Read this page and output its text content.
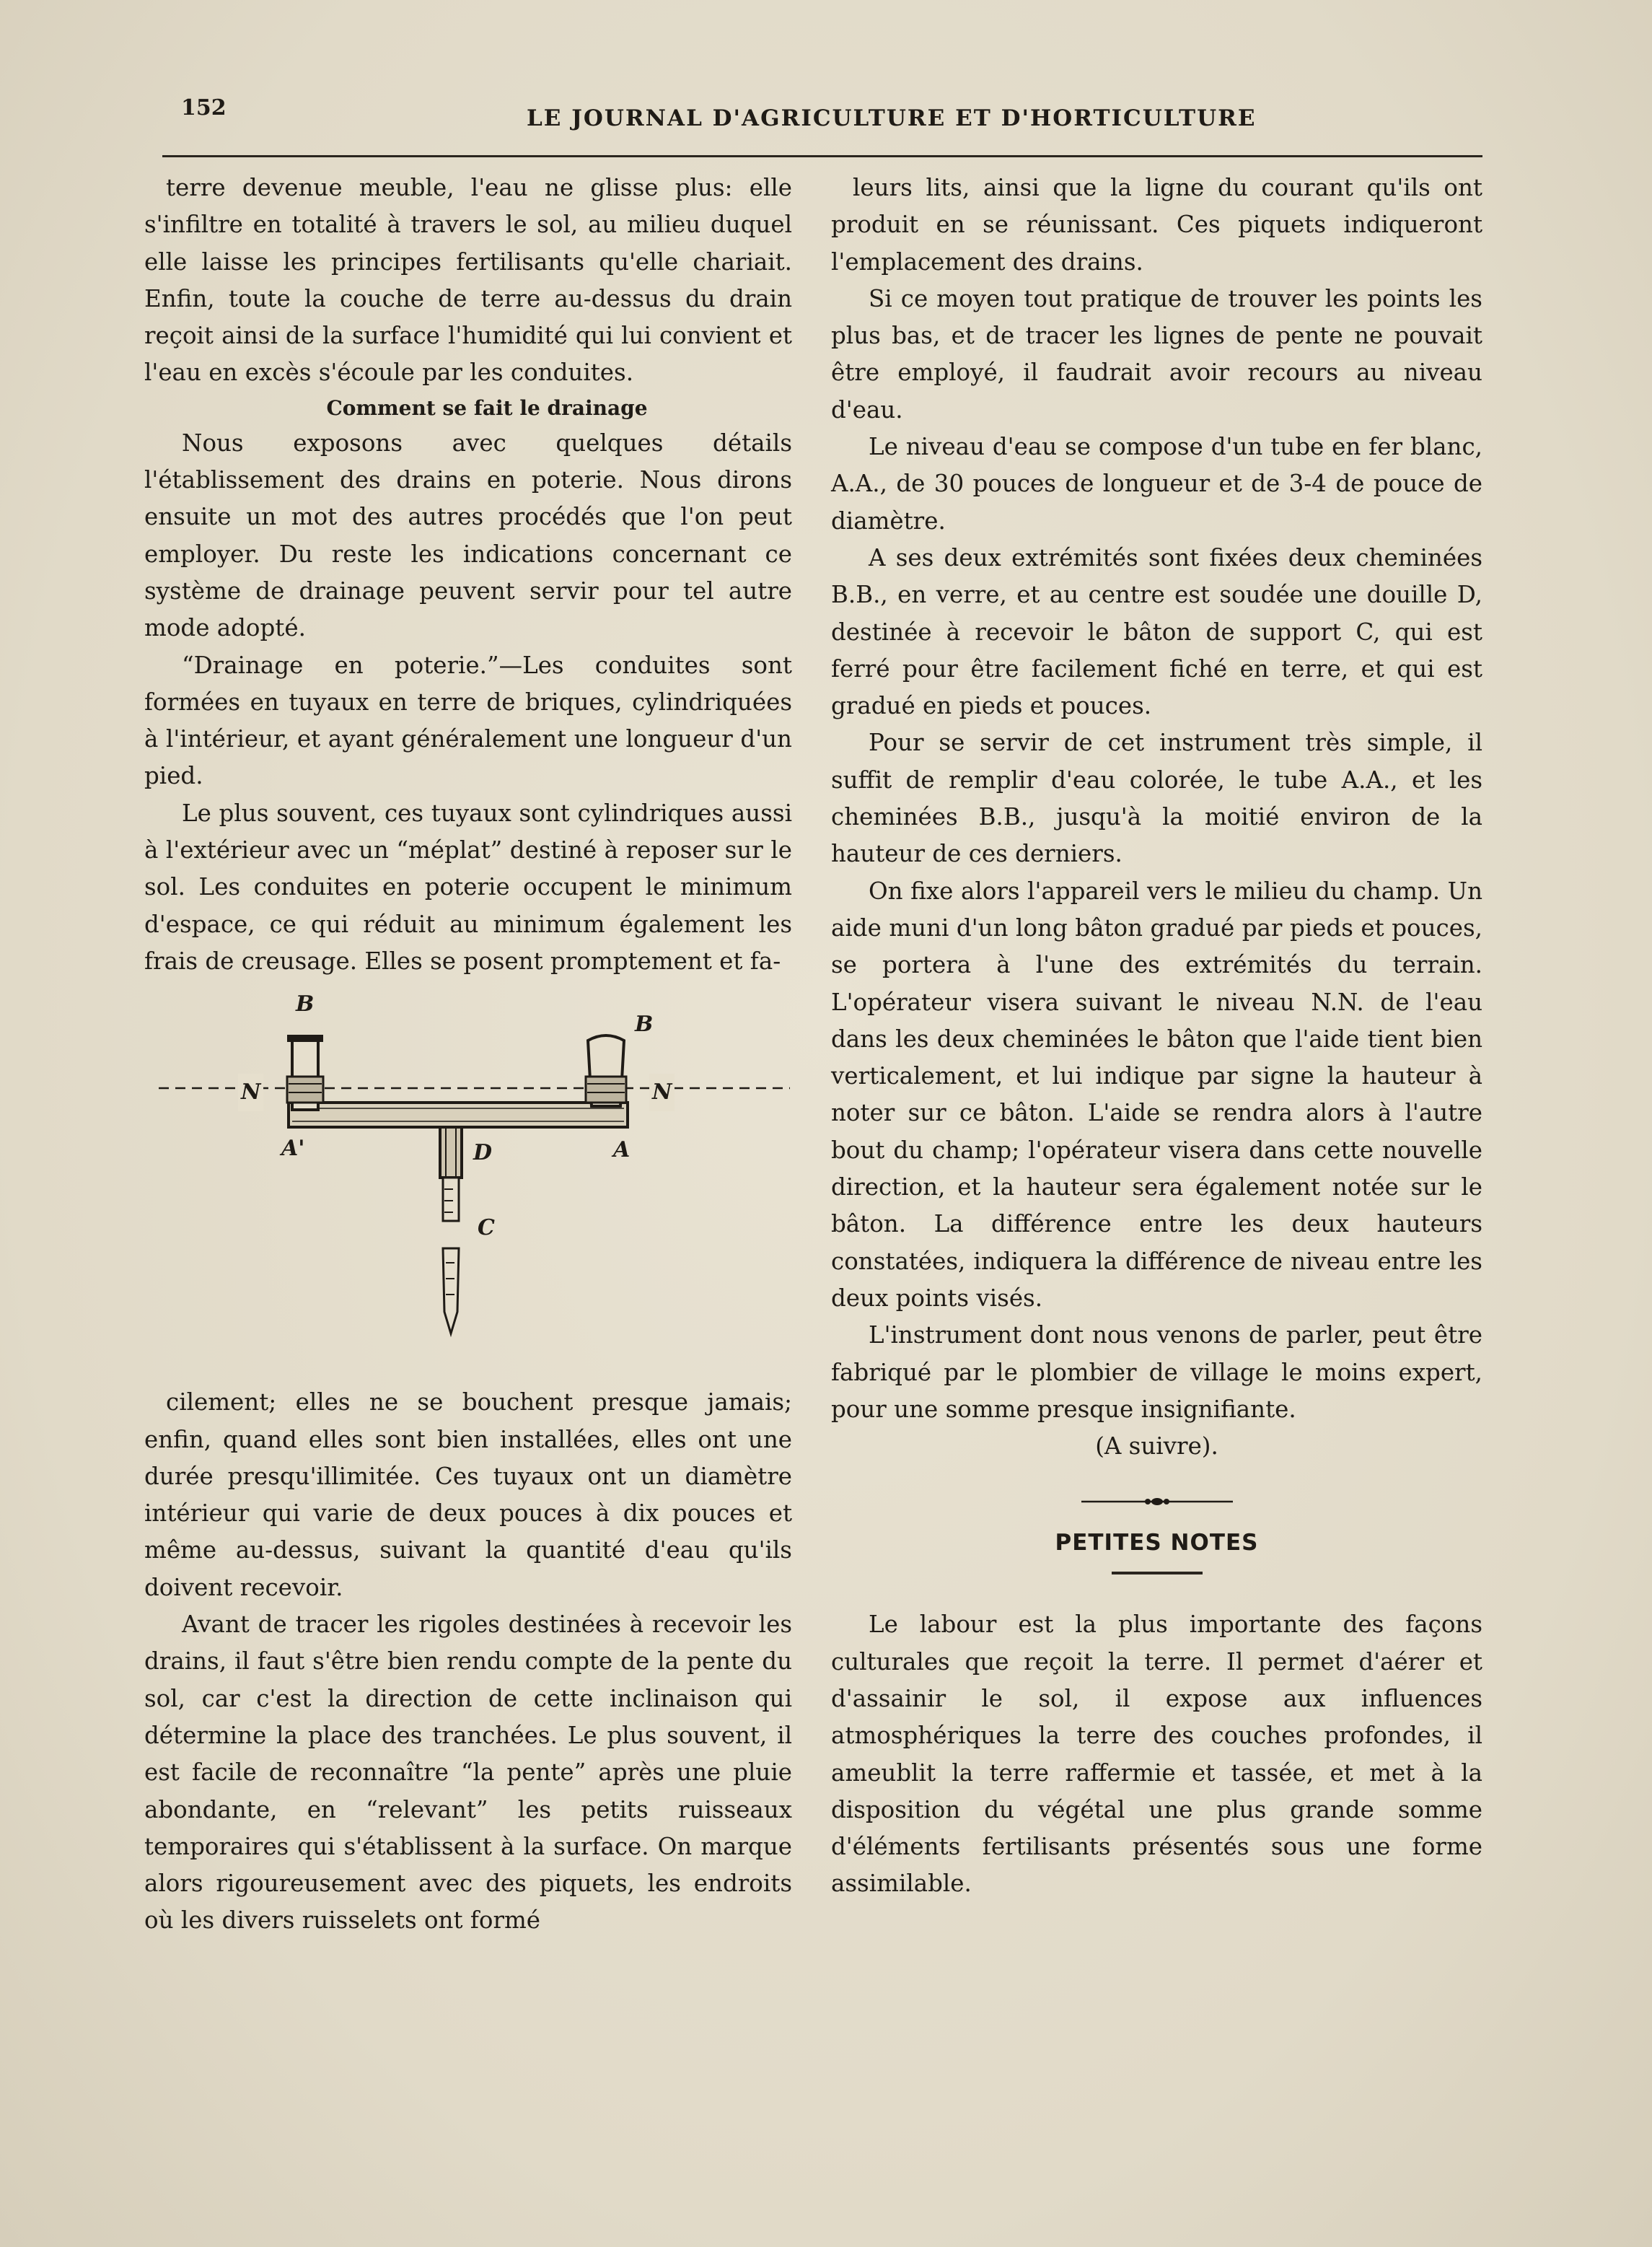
152	LE JOURNAL D'AGRICULTURE ET D'HORTICULTURE

terre devenue meuble, l'eau ne glisse plus: elle s'infiltre en totalité à travers le sol, au milieu duquel elle laisse les principes fertilisants qu'elle chariait. Enfin, toute la couche de terre au-dessus du drain reçoit ainsi de la surface l'humidité qui lui convient et l'eau en excès s'écoule par les conduites.

Comment se fait le drainage

Nous exposons avec quelques détails l'établissement des drains en poterie. Nous dirons ensuite un mot des autres procédés que l'on peut employer. Du reste les indications concernant ce système de drainage peuvent servir pour tel autre mode adopté.

“Drainage en poterie.”—Les conduites sont formées en tuyaux en terre de briques, cylindriquées à l'intérieur, et ayant généralement une longueur d'un pied.

Le plus souvent, ces tuyaux sont cylindriques aussi à l'extérieur avec un “méplat” destiné à reposer sur le sol. Les conduites en poterie occupent le minimum d'espace, ce qui réduit au minimum également les frais de creusage. Elles se posent promptement et fa-

B
B
N	N
A'	D	A
C

cilement; elles ne se bouchent presque jamais; enfin, quand elles sont bien installées, elles ont une durée presqu'illimitée. Ces tuyaux ont un diamètre intérieur qui varie de deux pouces à dix pouces et même au-dessus, suivant la quantité d'eau qu'ils doivent recevoir.

Avant de tracer les rigoles destinées à recevoir les drains, il faut s'être bien rendu compte de la pente du sol, car c'est la direction de cette inclinaison qui détermine la place des tranchées. Le plus souvent, il est facile de reconnaître “la pente” après une pluie abondante, en “relevant” les petits ruisseaux temporaires qui s'établissent à la surface. On marque alors rigoureusement avec des piquets, les endroits où les divers ruisselets ont formé

leurs lits, ainsi que la ligne du courant qu'ils ont produit en se réunissant. Ces piquets indiqueront l'emplacement des drains.

Si ce moyen tout pratique de trouver les points les plus bas, et de tracer les lignes de pente ne pouvait être employé, il faudrait avoir recours au niveau d'eau.

Le niveau d'eau se compose d'un tube en fer blanc, A.A., de 30 pouces de longueur et de 3-4 de pouce de diamètre.

A ses deux extrémités sont fixées deux cheminées B.B., en verre, et au centre est soudée une douille D, destinée à recevoir le bâton de support C, qui est ferré pour être facilement fiché en terre, et qui est gradué en pieds et pouces.

Pour se servir de cet instrument très simple, il suffit de remplir d'eau colorée, le tube A.A., et les cheminées B.B., jusqu'à la moitié environ de la hauteur de ces derniers.

On fixe alors l'appareil vers le milieu du champ. Un aide muni d'un long bâton gradué par pieds et pouces, se portera à l'une des extrémités du terrain. L'opérateur visera suivant le niveau N.N. de l'eau dans les deux cheminées le bâton que l'aide tient bien verticalement, et lui indique par signe la hauteur à noter sur ce bâton. L'aide se rendra alors à l'autre bout du champ; l'opérateur visera dans cette nouvelle direction, et la hauteur sera également notée sur le bâton. La différence entre les deux hauteurs constatées, indiquera la différence de niveau entre les deux points visés.

L'instrument dont nous venons de parler, peut être fabriqué par le plombier de village le moins expert, pour une somme presque insignifiante.

(A suivre).

PETITES NOTES

Le labour est la plus importante des façons culturales que reçoit la terre. Il permet d'aérer et d'assainir le sol, il expose aux influences atmosphériques la terre des couches profondes, il ameublit la terre raffermie et tassée, et met à la disposition du végétal une plus grande somme d'éléments fertilisants présentés sous une forme assimilable.
